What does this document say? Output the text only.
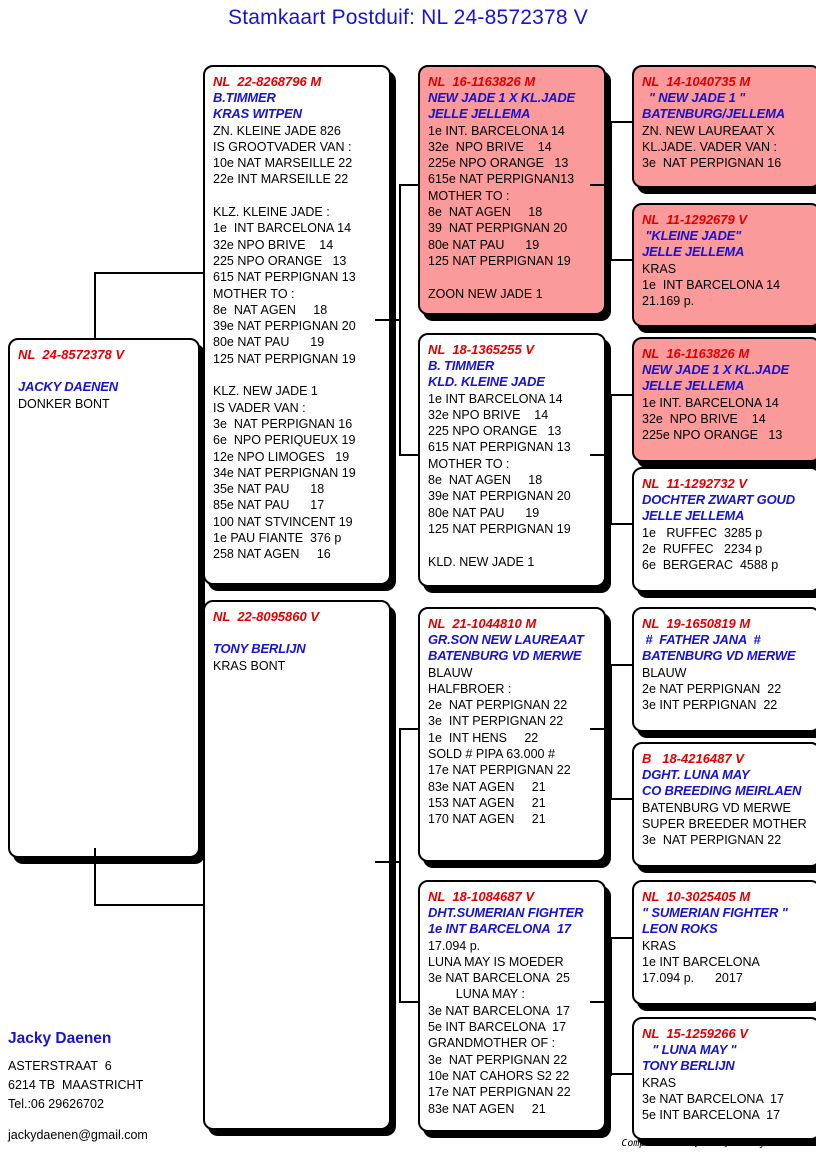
Stamkaart Postduif: NL 24-8572378 V
NL  24-8572378 V

JACKY DAENEN
DONKER BONT
NL  22-8268796 M
B.TIMMER
KRAS WITPEN
ZN. KLEINE JADE 826
IS GROOTVADER VAN :
10e NAT MARSEILLE 22
22e INT MARSEILLE 22

KLZ. KLEINE JADE :
1e  INT BARCELONA 14
32e NPO BRIVE    14
225 NPO ORANGE   13
615 NAT PERPIGNAN 13
MOTHER TO :
8e  NAT AGEN     18
39e NAT PERPIGNAN 20
80e NAT PAU      19
125 NAT PERPIGNAN 19

KLZ. NEW JADE 1
IS VADER VAN :
3e  NAT PERPIGNAN 16
6e  NPO PERIQUEUX 19
12e NPO LIMOGES   19
34e NAT PERPIGNAN 19
35e NAT PAU      18
85e NAT PAU      17
100 NAT STVINCENT 19
1e PAU FIANTE  376 p
258 NAT AGEN     16
NL  22-8095860 V

TONY BERLIJN
KRAS BONT
NL  16-1163826 M
NEW JADE 1 X KL.JADE
JELLE JELLEMA
1e INT. BARCELONA 14
32e  NPO BRIVE    14
225e NPO ORANGE   13
615e NAT PERPIGNAN13
MOTHER TO :
8e  NAT AGEN     18
39  NAT PERPIGNAN 20
80e NAT PAU      19
125 NAT PERPIGNAN 19

ZOON NEW JADE 1
NL  18-1365255 V
B. TIMMER
KLD. KLEINE JADE
1e INT BARCELONA 14
32e NPO BRIVE    14
225 NPO ORANGE   13
615 NAT PERPIGNAN 13
MOTHER TO :
8e  NAT AGEN     18
39e NAT PERPIGNAN 20
80e NAT PAU      19
125 NAT PERPIGNAN 19

KLD. NEW JADE 1
NL  21-1044810 M
GR.SON NEW LAUREAAT
BATENBURG VD MERWE
BLAUW
HALFBROER :
2e  NAT PERPIGNAN 22
3e  INT PERPIGNAN 22
1e  INT HENS     22
SOLD # PIPA 63.000 #
17e NAT PERPIGNAN 22
83e NAT AGEN     21
153 NAT AGEN     21
170 NAT AGEN     21
NL  18-1084687 V
DHT.SUMERIAN FIGHTER
1e INT BARCELONA  17
17.094 p.
LUNA MAY IS MOEDER
3e NAT BARCELONA  25
LUNA MAY :
3e NAT BARCELONA  17
5e INT BARCELONA  17
GRANDMOTHER OF :
3e  NAT PERPIGNAN 22
10e NAT CAHORS S2 22
17e NAT PERPIGNAN 22
83e NAT AGEN     21
NL  14-1040735 M
" NEW JADE 1 "
BATENBURG/JELLEMA
ZN. NEW LAUREAAT X
KL.JADE. VADER VAN :
3e  NAT PERPIGNAN 16
NL  11-1292679 V
"KLEINE JADE"
JELLE JELLEMA
KRAS
1e  INT BARCELONA 14
21.169 p.
NL  16-1163826 M
NEW JADE 1 X KL.JADE
JELLE JELLEMA
1e INT. BARCELONA 14
32e  NPO BRIVE    14
225e NPO ORANGE   13
NL  11-1292732 V
DOCHTER ZWART GOUD
JELLE JELLEMA
1e   RUFFEC  3285 p
2e  RUFFEC   2234 p
6e  BERGERAC  4588 p
NL  19-1650819 M
#  FATHER JANA  #
BATENBURG VD MERWE
BLAUW
2e NAT PERPIGNAN  22
3e INT PERPIGNAN  22
B   18-4216487 V
DGHT. LUNA MAY
CO BREEDING MEIRLAEN
BATENBURG VD MERWE
SUPER BREEDER MOTHER
3e  NAT PERPIGNAN 22
NL  10-3025405 M
" SUMERIAN FIGHTER "
LEON ROKS
KRAS
1e INT BARCELONA
17.094 p.      2017
NL  15-1259266 V
" LUNA MAY "
TONY BERLIJN
KRAS
3e NAT BARCELONA  17
5e INT BARCELONA  17
Jacky Daenen
ASTERSTRAAT  6
6214 TB  MAASTRICHT
Tel.:06 29626702
jackydaenen@gmail.com
Compuclub © [9.49] Jacky Daenen
